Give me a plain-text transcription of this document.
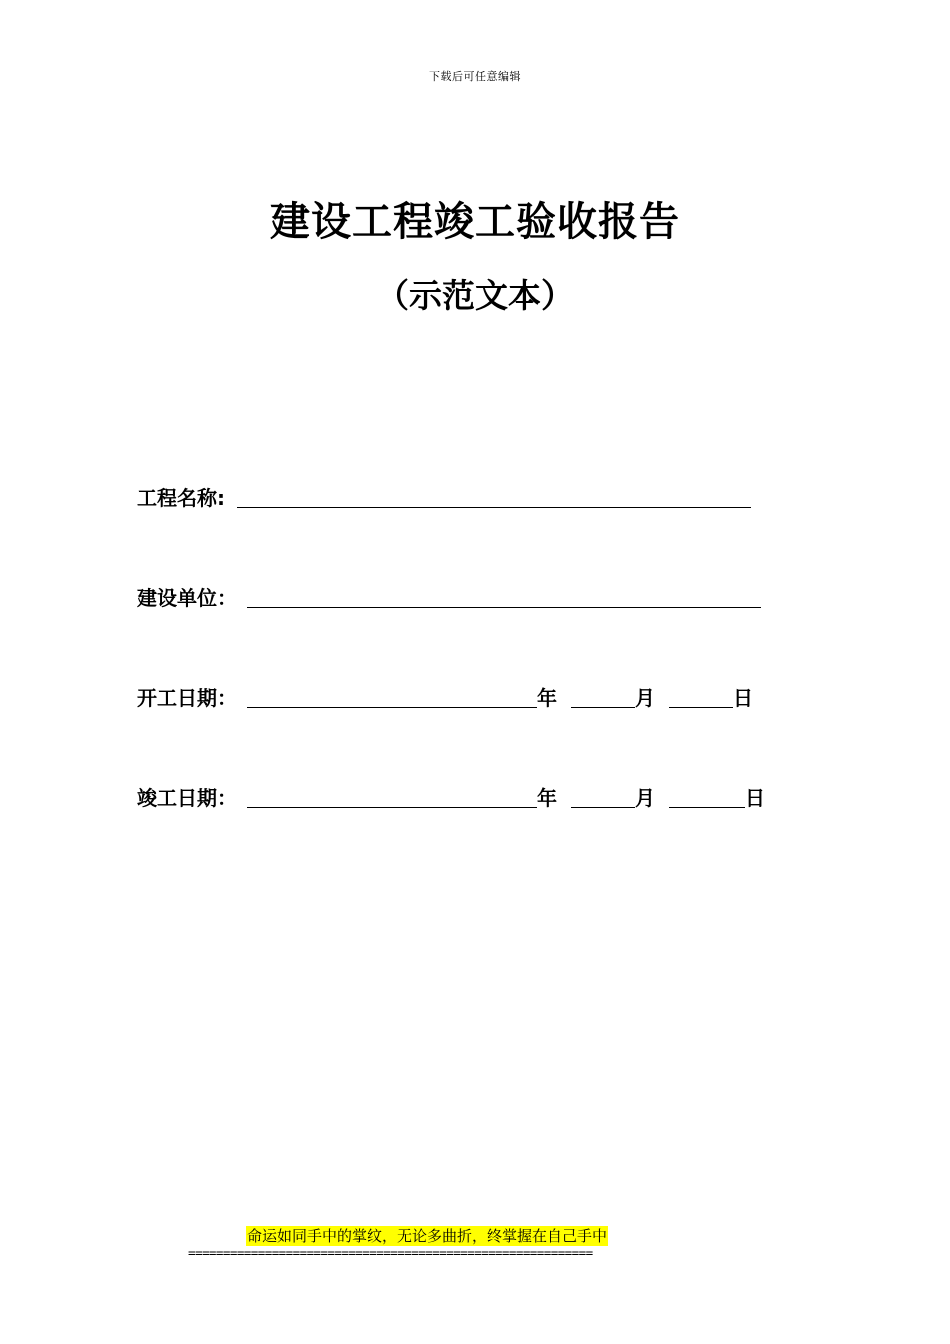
下载后可任意编辑
建设工程竣工验收报告
（示范文本）
工程名称:
建设单位：
开工日期：	年	月	日
竣工日期：	年	月	日
命运如同手中的掌纹，无论多曲折，终掌握在自己手中
==========================================================
